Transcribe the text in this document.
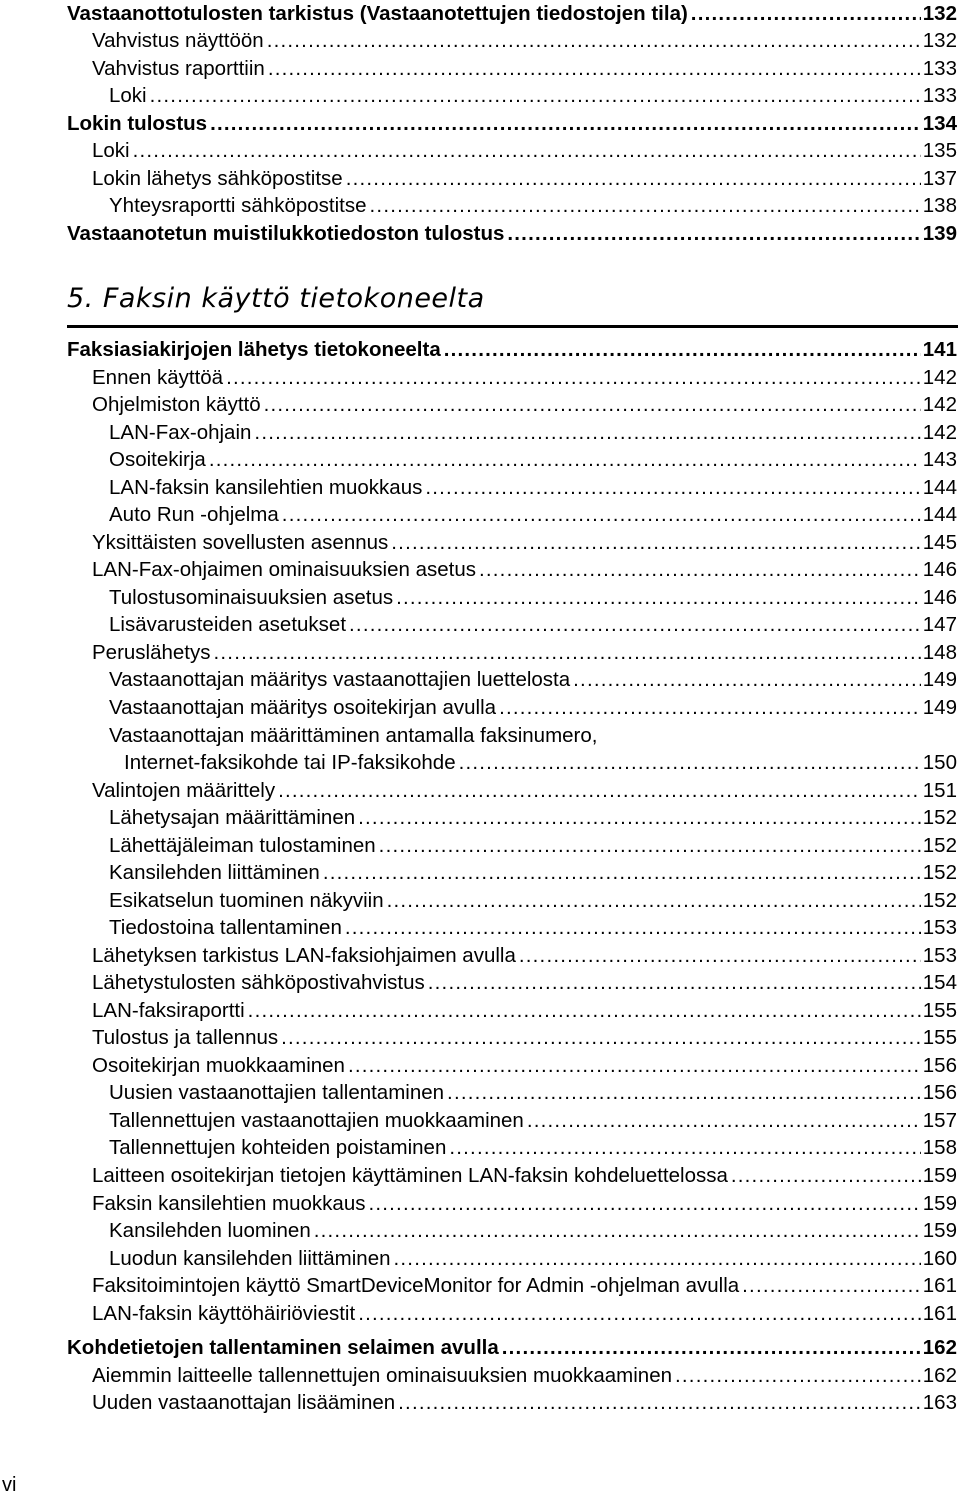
Vastaanottotulosten tarkistus (Vastaanotettujen tiedostojen tila) .....	132
Vahvistus näyttöön .....	132
Vahvistus raporttiin .....	133
Loki .....	133
Lokin tulostus .....	134
Loki .....	135
Lokin lähetys sähköpostitse .....	137
Yhteysraportti sähköpostitse .....	138
Vastaanotetun muistilukkotiedoston tulostus .....	139
Faksiasiakirjojen lähetys tietokoneelta .....	141
Ennen käyttöä .....	142
Ohjelmiston käyttö .....	142
LAN-Fax-ohjain .....	142
Osoitekirja .....	143
LAN-faksin kansilehtien muokkaus .....	144
Auto Run -ohjelma .....	144
Yksittäisten sovellusten asennus .....	145
LAN-Fax-ohjaimen ominaisuuksien asetus .....	146
Tulostusominaisuuksien asetus .....	146
Lisävarusteiden asetukset .....	147
Peruslähetys .....	148
Vastaanottajan määritys vastaanottajien luettelosta .....	149
Vastaanottajan määritys osoitekirjan avulla .....	149
Vastaanottajan määrittäminen antamalla faksinumero,
Internet-faksikohde tai IP-faksikohde .....	150
Valintojen määrittely .....	151
Lähetysajan määrittäminen .....	152
Lähettäjäleiman tulostaminen .....	152
Kansilehden liittäminen .....	152
Esikatselun tuominen näkyviin .....	152
Tiedostoina tallentaminen .....	153
Lähetyksen tarkistus LAN-faksiohjaimen avulla .....	153
Lähetystulosten sähköpostivahvistus .....	154
LAN-faksiraportti .....	155
Tulostus ja tallennus .....	155
Osoitekirjan muokkaaminen .....	156
Uusien vastaanottajien tallentaminen .....	156
Tallennettujen vastaanottajien muokkaaminen .....	157
Tallennettujen kohteiden poistaminen .....	158
Laitteen osoitekirjan tietojen käyttäminen LAN-faksin kohdeluettelossa .....	159
Faksin kansilehtien muokkaus .....	159
Kansilehden luominen .....	159
Luodun kansilehden liittäminen .....	160
Faksitoimintojen käyttö SmartDeviceMonitor for Admin -ohjelman avulla .....	161
LAN-faksin käyttöhäiriöviestit .....	161
Kohdetietojen tallentaminen selaimen avulla .....	162
Aiemmin laitteelle tallennettujen ominaisuuksien muokkaaminen .....	162
Uuden vastaanottajan lisääminen .....	163
5. Faksin käyttö tietokoneelta
vi
